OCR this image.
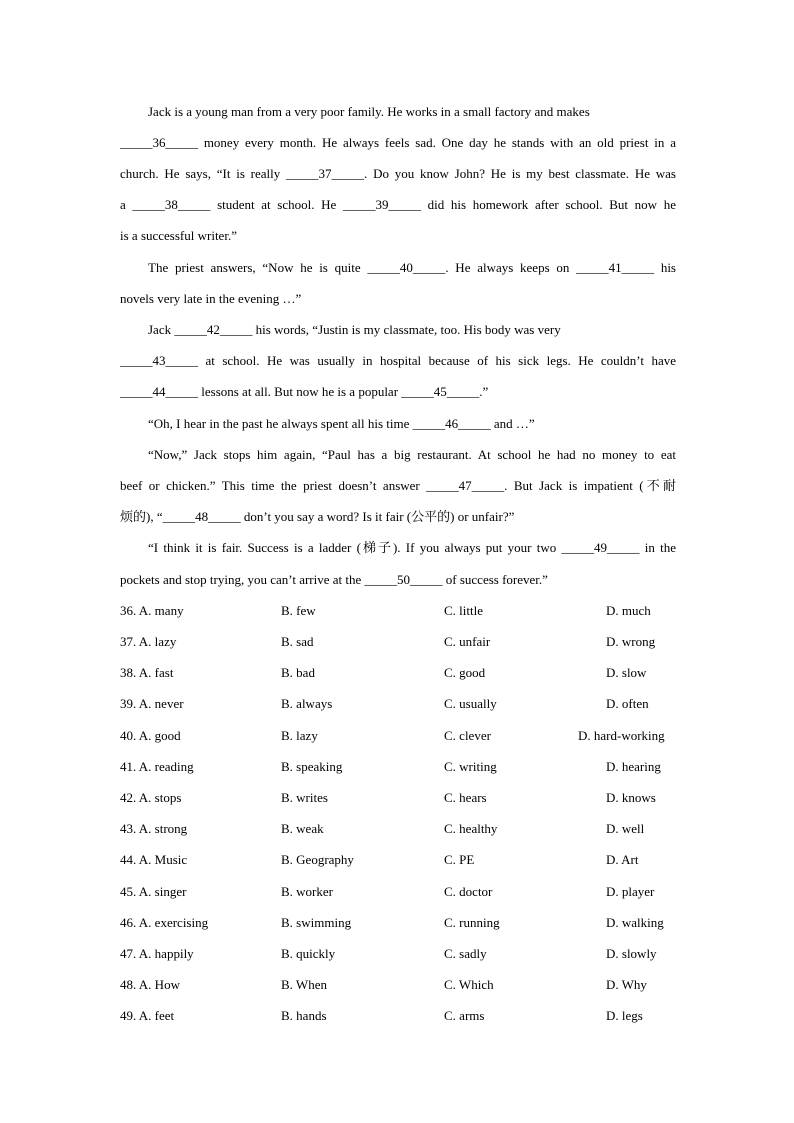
Jack is a young man from a very poor family. He works in a small factory and makes
_____36_____ money every month. He always feels sad. One day he stands with an old priest in a
church. He says, “It is really _____37_____. Do you know John? He is my best classmate. He was
a _____38_____ student at school. He _____39_____ did his homework after school. But now he
is a successful writer.”
The priest answers, “Now he is quite _____40_____. He always keeps on _____41_____ his
novels very late in the evening …”
Jack _____42_____ his words, “Justin is my classmate, too. His body was very
_____43_____ at school. He was usually in hospital because of his sick legs. He couldn’t have
_____44_____ lessons at all. But now he is a popular _____45_____.”
“Oh, I hear in the past he always spent all his time _____46_____ and …”
“Now,” Jack stops him again, “Paul has a big restaurant. At school he had no money to eat
beef or chicken.” This time the priest doesn’t answer _____47_____. But Jack is impatient (不耐
烦的), “_____48_____ don’t you say a word? Is it fair (公平的) or unfair?”
“I think it is fair. Success is a ladder (梯子). If you always put your two _____49_____ in the
pockets and stop trying, you can’t arrive at the _____50_____ of success forever.”
36. A. many	B. few	C. little	D. much
37. A. lazy	B. sad	C. unfair	D. wrong
38. A. fast	B. bad	C. good	D. slow
39. A. never	B. always	C. usually	D. often
40. A. good	B. lazy	C. clever	D. hard-working
41. A. reading	B. speaking	C. writing	D. hearing
42. A. stops	B. writes	C. hears	D. knows
43. A. strong	B. weak	C. healthy	D. well
44. A. Music	B. Geography	C. PE	D. Art
45. A. singer	B. worker	C. doctor	D. player
46. A. exercising	B. swimming	C. running	D. walking
47. A. happily	B. quickly	C. sadly	D. slowly
48. A. How	B. When	C. Which	D. Why
49. A. feet	B. hands	C. arms	D. legs
